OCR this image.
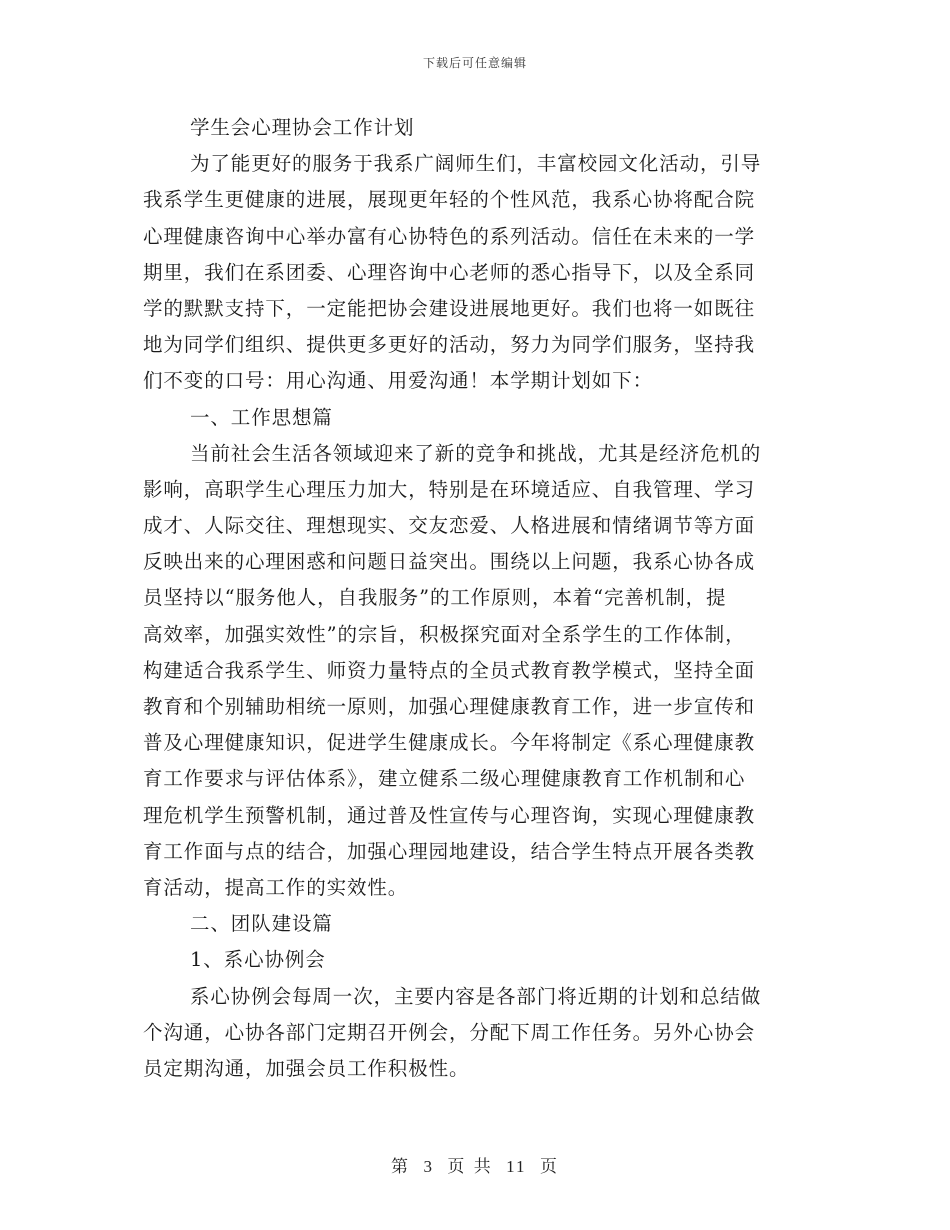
下载后可任意编辑
学生会心理协会工作计划
为了能更好的服务于我系广阔师生们，丰富校园文化活动，引导
我系学生更健康的进展，展现更年轻的个性风范，我系心协将配合院
心理健康咨询中心举办富有心协特色的系列活动。信任在未来的一学
期里，我们在系团委、心理咨询中心老师的悉心指导下，以及全系同
学的默默支持下，一定能把协会建设进展地更好。我们也将一如既往
地为同学们组织、提供更多更好的活动，努力为同学们服务，坚持我
们不变的口号：用心沟通、用爱沟通！本学期计划如下：
一、工作思想篇
当前社会生活各领域迎来了新的竞争和挑战，尤其是经济危机的
影响，高职学生心理压力加大，特别是在环境适应、自我管理、学习
成才、人际交往、理想现实、交友恋爱、人格进展和情绪调节等方面
反映出来的心理困惑和问题日益突出。围绕以上问题，我系心协各成
员坚持以“服务他人，自我服务”的工作原则，本着“完善机制，提
高效率，加强实效性”的宗旨，积极探究面对全系学生的工作体制，
构建适合我系学生、师资力量特点的全员式教育教学模式，坚持全面
教育和个别辅助相统一原则，加强心理健康教育工作，进一步宣传和
普及心理健康知识，促进学生健康成长。今年将制定《系心理健康教
育工作要求与评估体系》，建立健系二级心理健康教育工作机制和心
理危机学生预警机制，通过普及性宣传与心理咨询，实现心理健康教
育工作面与点的结合，加强心理园地建设，结合学生特点开展各类教
育活动，提高工作的实效性。
二、团队建设篇
1、系心协例会
系心协例会每周一次，主要内容是各部门将近期的计划和总结做
个沟通，心协各部门定期召开例会，分配下周工作任务。另外心协会
员定期沟通，加强会员工作积极性。
第 3 页 共 11 页
